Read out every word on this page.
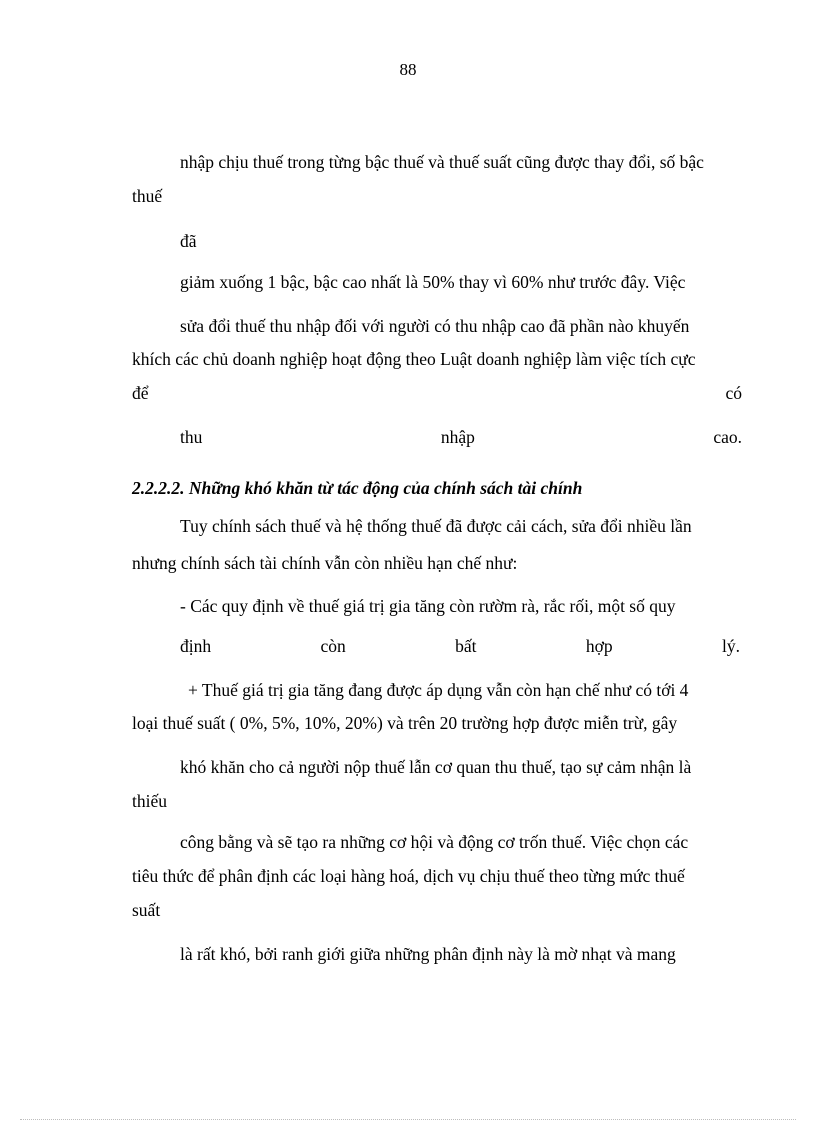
88
nhập chịu thuế trong từng bậc thuế và thuế suất cũng được thay đổi, số bậc
thuế
đã
giảm xuống 1 bậc, bậc cao nhất là 50% thay vì 60% như trước đây. Việc
sửa đổi thuế thu nhập đối với người có thu nhập cao đã phần nào khuyến
khích các chủ doanh nghiệp hoạt động theo Luật doanh nghiệp làm việc tích cực
để	có
thu	nhập	cao.
2.2.2.2. Những khó khăn từ tác động của chính sách tài chính
Tuy chính sách thuế và hệ thống thuế đã được cải cách, sửa đổi nhiều lần
nhưng chính sách tài chính vẫn còn nhiều hạn chế như:
- Các quy định về thuế giá trị gia tăng còn rườm rà, rắc rối, một số quy
định	còn	bất	hợp	lý.
+ Thuế giá trị gia tăng đang được áp dụng vẫn còn hạn chế như có tới 4
loại thuế suất ( 0%, 5%, 10%, 20%) và trên 20 trường hợp được miễn trừ, gây
khó khăn cho cả người nộp thuế lẫn cơ quan thu thuế, tạo sự cảm nhận là
thiếu
công bằng và sẽ tạo ra những cơ hội và động cơ trốn thuế. Việc chọn các
tiêu thức để phân định các loại hàng hoá, dịch vụ chịu thuế theo từng mức thuế
suất
là rất khó, bởi ranh giới giữa những phân định này là mờ nhạt và mang
